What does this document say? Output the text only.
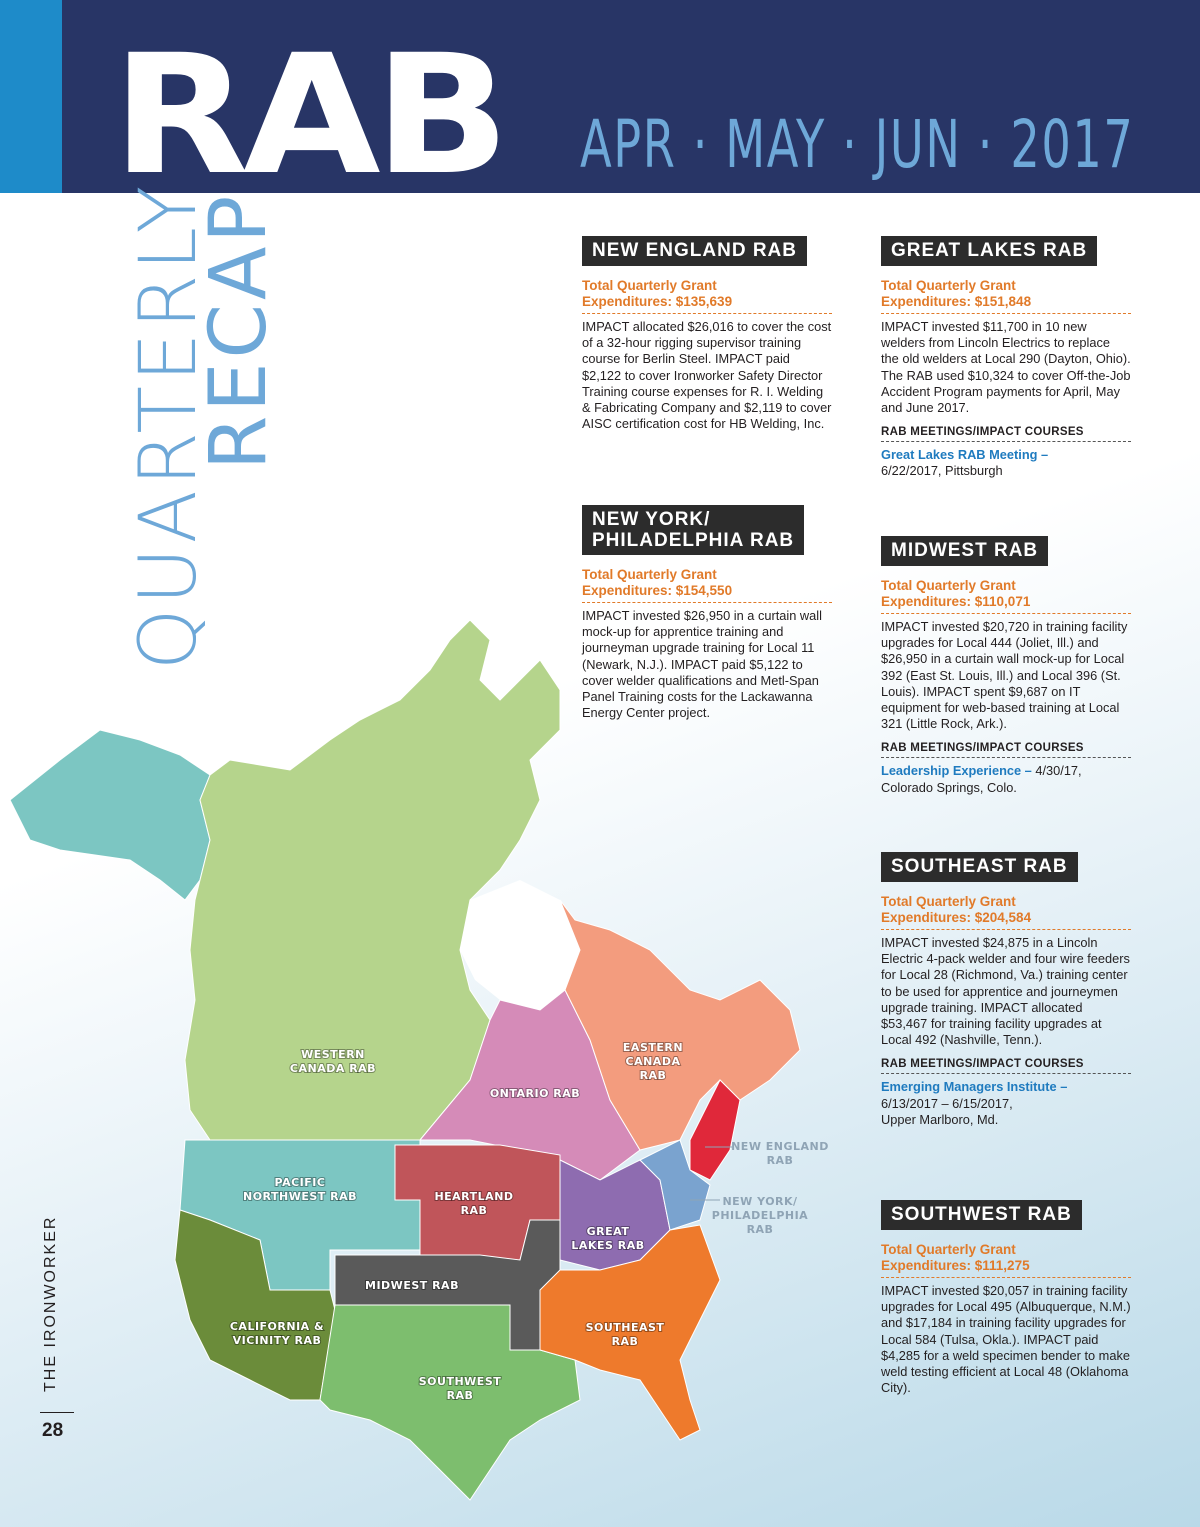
RAB APR · MAY · JUN · 2017
QUARTERLY
RECAP	NEW ENGLAND RAB
Total Quarterly Grant
Expenditures: $135,639
IMPACT allocated $26,016 to cover the cost of a 32-hour rigging supervisor training course for Berlin Steel. IMPACT paid $2,122 to cover Ironworker Safety Director Training course expenses for R. I. Welding & Fabricating Company and $2,119 to cover AISC certification cost for HB Welding, Inc.
GREAT LAKES RAB
Total Quarterly Grant
Expenditures: $151,848
IMPACT invested $11,700 in 10 new welders from Lincoln Electrics to replace the old welders at Local 290 (Dayton, Ohio). The RAB used $10,324 to cover Off-the-Job Accident Program payments for April, May and June 2017.
RAB MEETINGS/IMPACT COURSES
Great Lakes RAB Meeting –
6/22/2017, Pittsburgh
NEW YORK/
PHILADELPHIA RAB
Total Quarterly Grant
Expenditures: $154,550
IMPACT invested $26,950 in a curtain wall mock-up for apprentice training and journeyman upgrade training for Local 11 (Newark, N.J.). IMPACT paid $5,122 to cover welder qualifications and Metl-Span Panel Training costs for the Lackawanna Energy Center project.
MIDWEST RAB
Total Quarterly Grant
Expenditures: $110,071
IMPACT invested $20,720 in training facility upgrades for Local 444 (Joliet, Ill.) and $26,950 in a curtain wall mock-up for Local 392 (East St. Louis, Ill.) and Local 396 (St. Louis). IMPACT spent $9,687 on IT equipment for web-based training at Local 321 (Little Rock, Ark.).
RAB MEETINGS/IMPACT COURSES
Leadership Experience – 4/30/17,
Colorado Springs, Colo.
SOUTHEAST RAB
Total Quarterly Grant
Expenditures: $204,584
IMPACT invested $24,875 in a Lincoln Electric 4-pack welder and four wire feeders for Local 28 (Richmond, Va.) training center to be used for apprentice and journeymen upgrade training. IMPACT allocated $53,467 for training facility upgrades at Local 492 (Nashville, Tenn.).
RAB MEETINGS/IMPACT COURSES
Emerging Managers Institute –
6/13/2017 – 6/15/2017,
Upper Marlboro, Md.
SOUTHWEST RAB
Total Quarterly Grant
Expenditures: $111,275
IMPACT invested $20,057 in training facility upgrades for Local 495 (Albuquerque, N.M.) and $17,184 in training facility upgrades for Local 584 (Tulsa, Okla.). IMPACT paid $4,285 for a weld specimen bender to make weld testing efficient at Local 48 (Oklahoma City).
WESTERN
CANADA RAB
ONTARIO RAB
EASTERN
CANADA
RAB
NEW ENGLAND
RAB
PACIFIC
NORTHWEST RAB	HEARTLAND
RAB
NEW YORK/
PHILADELPHIA
RAB
GREAT
LAKES RAB
MIDWEST RAB
CALIFORNIA &
VICINITY RAB
SOUTHEAST
RAB
SOUTHWEST
RAB
THE IRONWORKER
28
